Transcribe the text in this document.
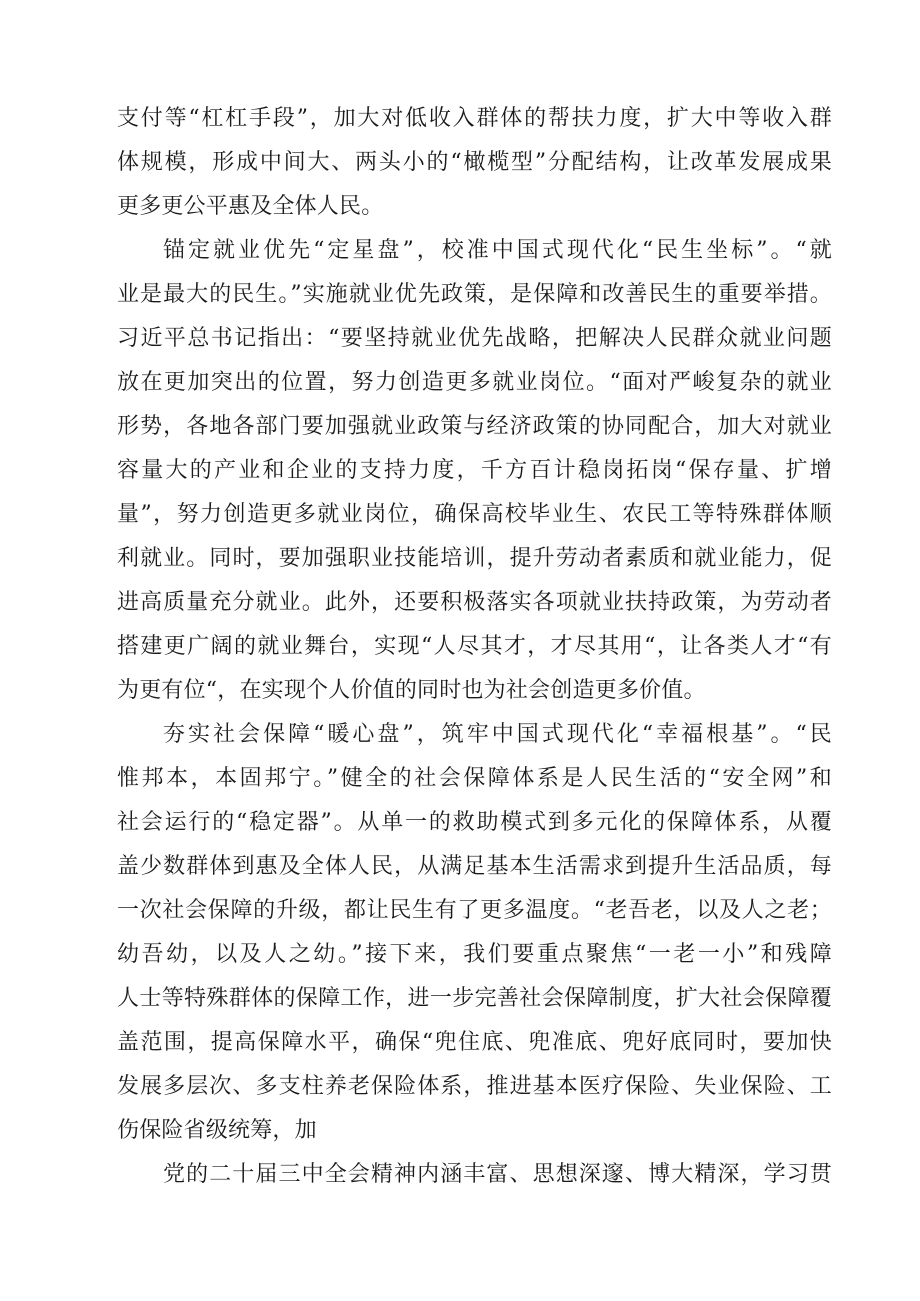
支付等“杠杠手段”，加大对低收入群体的帮扶力度，扩大中等收入群
体规模，形成中间大、两头小的“橄榄型”分配结构，让改革发展成果
更多更公平惠及全体人民。
锚定就业优先“定星盘”，校准中国式现代化“民生坐标”。“就
业是最大的民生。”实施就业优先政策，是保障和改善民生的重要举措。
习近平总书记指出：“要坚持就业优先战略，把解决人民群众就业问题
放在更加突出的位置，努力创造更多就业岗位。“面对严峻复杂的就业
形势，各地各部门要加强就业政策与经济政策的协同配合，加大对就业
容量大的产业和企业的支持力度，千方百计稳岗拓岗“保存量、扩增
量”，努力创造更多就业岗位，确保高校毕业生、农民工等特殊群体顺
利就业。同时，要加强职业技能培训，提升劳动者素质和就业能力，促
进高质量充分就业。此外，还要积极落实各项就业扶持政策，为劳动者
搭建更广阔的就业舞台，实现“人尽其才，才尽其用“，让各类人才“有
为更有位“，在实现个人价值的同时也为社会创造更多价值。
夯实社会保障“暖心盘”，筑牢中国式现代化“幸福根基”。“民
惟邦本，本固邦宁。”健全的社会保障体系是人民生活的“安全网”和
社会运行的“稳定器”。从单一的救助模式到多元化的保障体系，从覆
盖少数群体到惠及全体人民，从满足基本生活需求到提升生活品质，每
一次社会保障的升级，都让民生有了更多温度。“老吾老，以及人之老；
幼吾幼，以及人之幼。”接下来，我们要重点聚焦“一老一小”和残障
人士等特殊群体的保障工作，进一步完善社会保障制度，扩大社会保障覆
盖范围，提高保障水平，确保“兜住底、兜准底、兜好底同时，要加快
发展多层次、多支柱养老保险体系，推进基本医疗保险、失业保险、工
伤保险省级统筹，加
党的二十届三中全会精神内涵丰富、思想深邃、博大精深，学习贯
